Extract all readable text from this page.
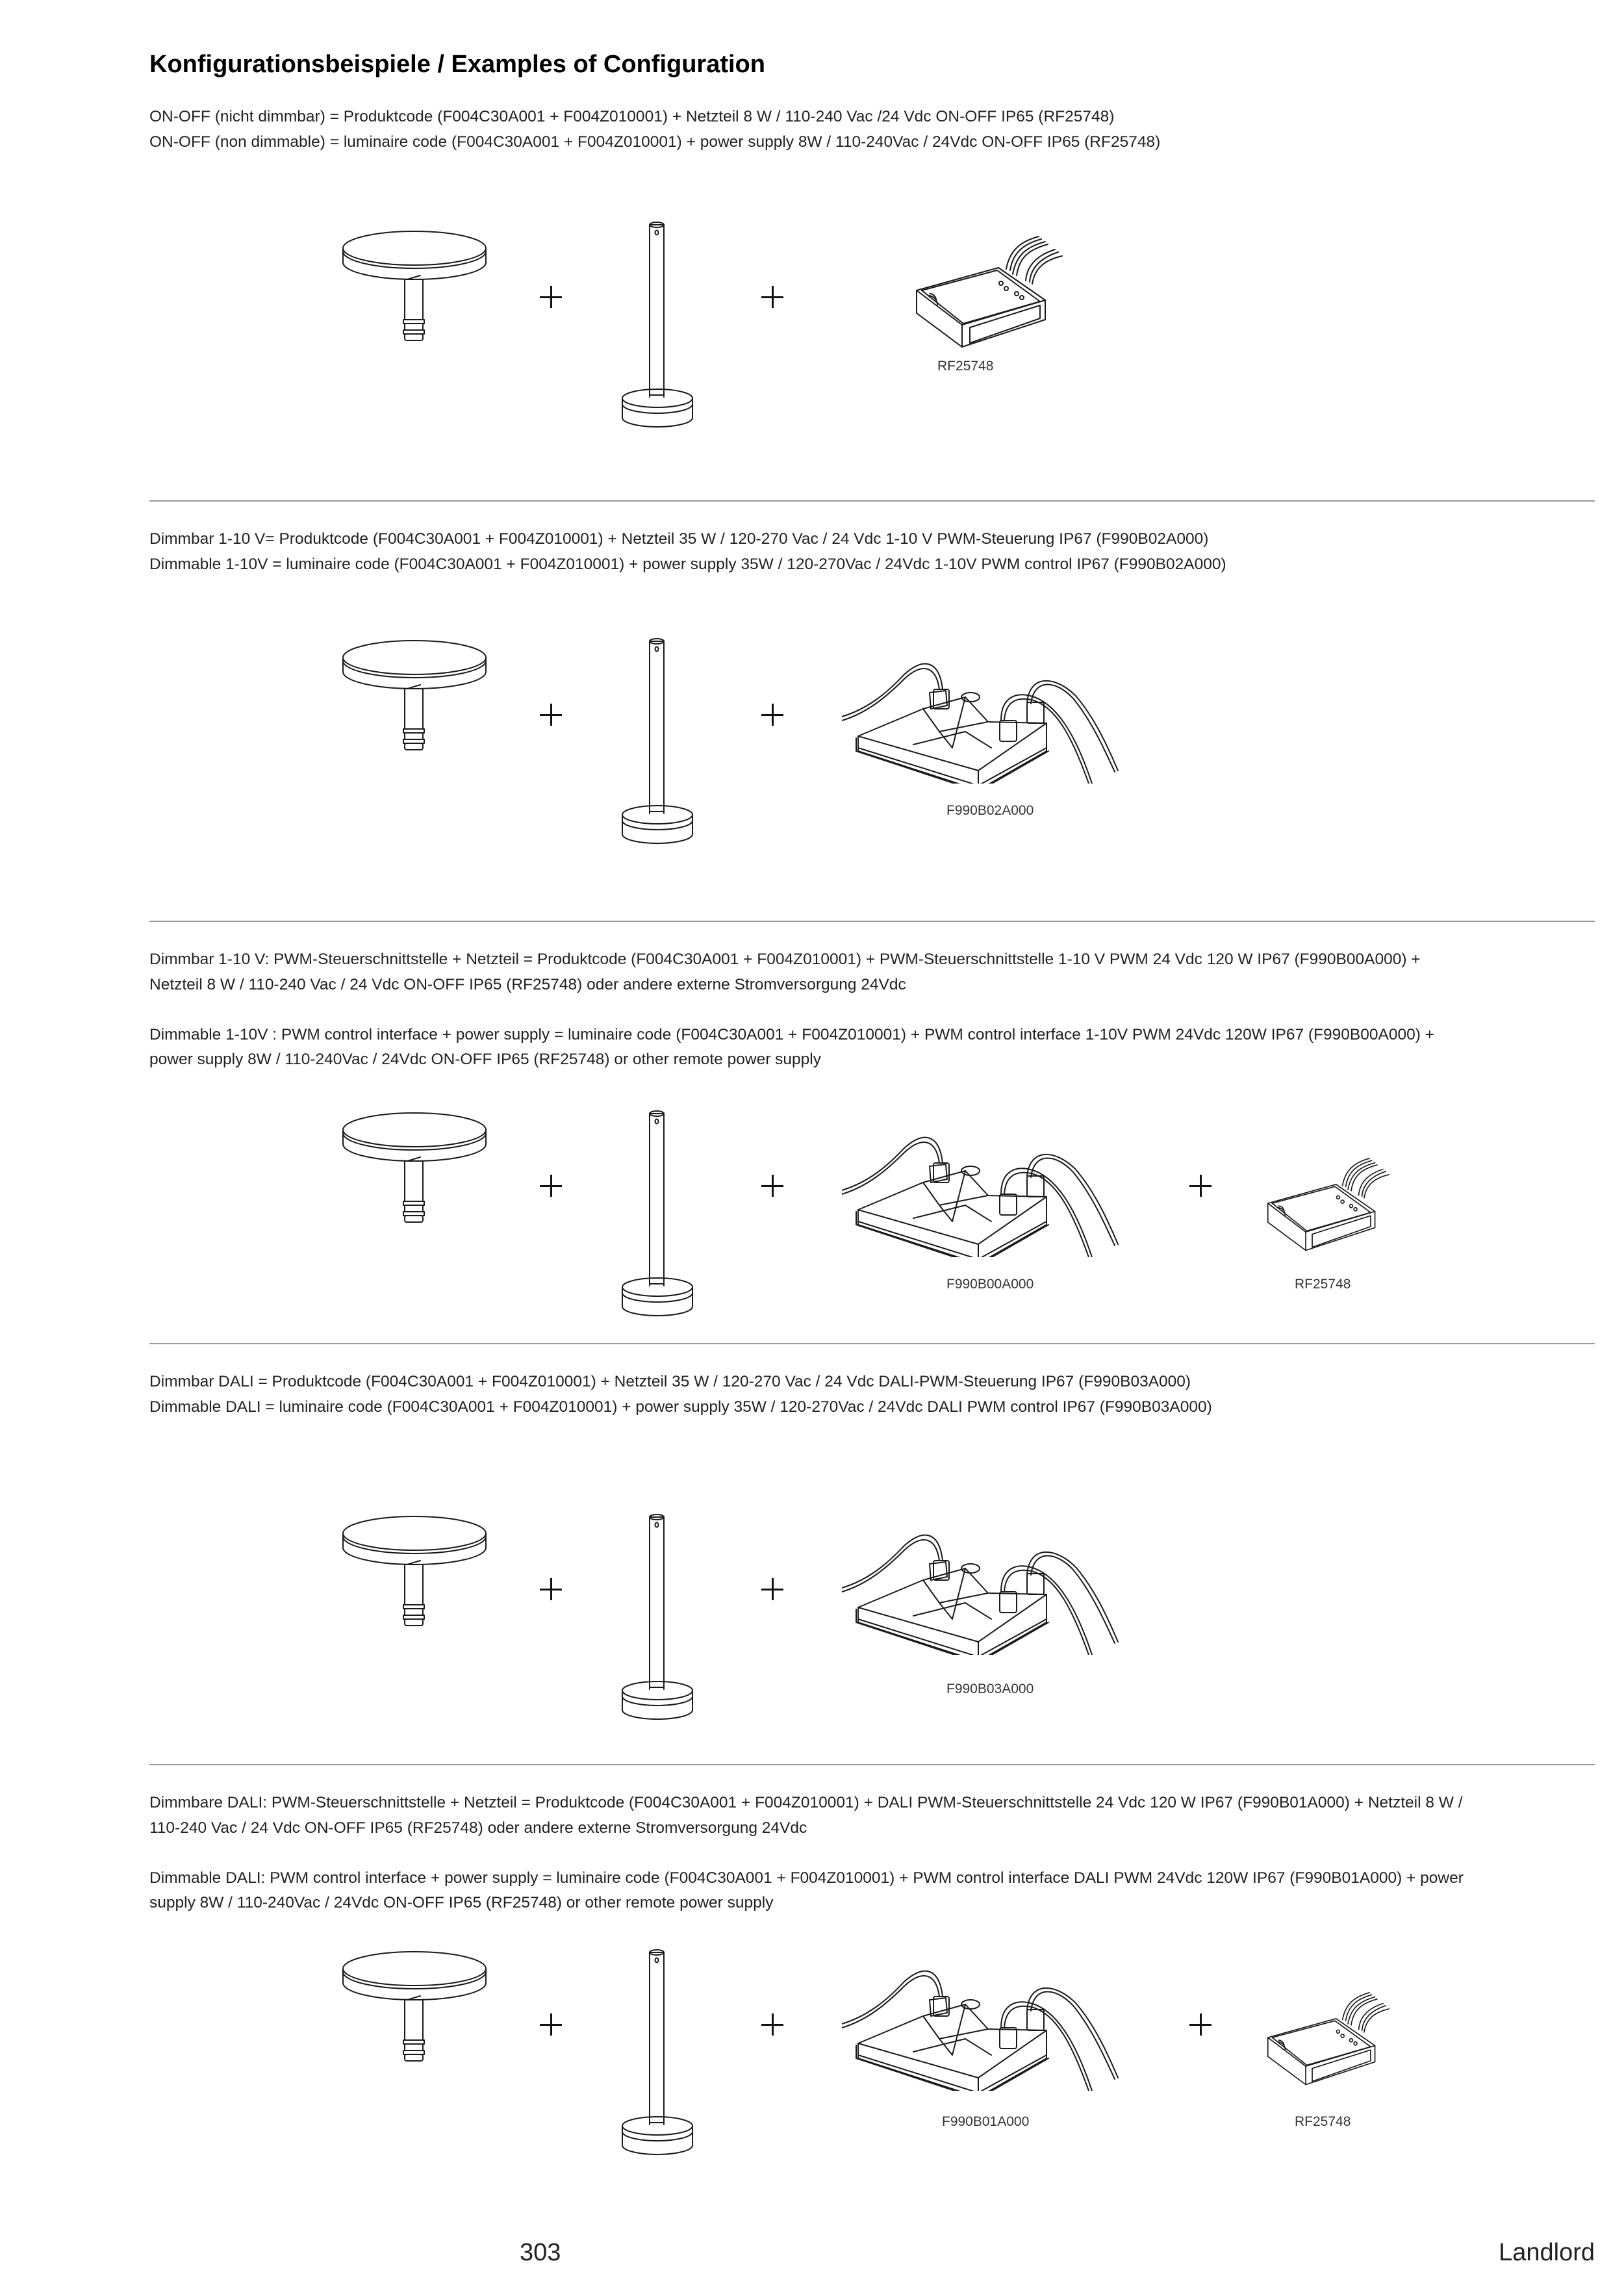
Konfigurationsbeispiele / Examples of Configuration

ON-OFF (nicht dimmbar) = Produktcode (F004C30A001 + F004Z010001) + Netzteil 8 W / 110-240 Vac /24 Vdc ON-OFF IP65 (RF25748)
ON-OFF (non dimmable) = luminaire code (F004C30A001 + F004Z010001) + power supply 8W / 110-240Vac / 24Vdc ON-OFF IP65 (RF25748)

RF25748

Dimmbar 1-10 V= Produktcode (F004C30A001 + F004Z010001) + Netzteil 35 W / 120-270 Vac / 24 Vdc 1-10 V PWM-Steuerung IP67 (F990B02A000)
Dimmable 1-10V = luminaire code (F004C30A001 + F004Z010001) + power supply 35W / 120-270Vac / 24Vdc 1-10V PWM control IP67 (F990B02A000)

F990B02A000

Dimmbar 1-10 V: PWM-Steuerschnittstelle + Netzteil = Produktcode (F004C30A001 + F004Z010001) + PWM-Steuerschnittstelle 1-10 V PWM 24 Vdc 120 W IP67 (F990B00A000) +
Netzteil 8 W / 110-240 Vac / 24 Vdc ON-OFF IP65 (RF25748) oder andere externe Stromversorgung 24Vdc

Dimmable 1-10V : PWM control interface + power supply = luminaire code (F004C30A001 + F004Z010001) + PWM control interface 1-10V PWM 24Vdc 120W IP67 (F990B00A000) +
power supply 8W / 110-240Vac / 24Vdc ON-OFF IP65 (RF25748) or other remote power supply

F990B00A000	RF25748

Dimmbar DALI = Produktcode (F004C30A001 + F004Z010001) + Netzteil 35 W / 120-270 Vac / 24 Vdc DALI-PWM-Steuerung IP67 (F990B03A000)
Dimmable DALI = luminaire code (F004C30A001 + F004Z010001) + power supply 35W / 120-270Vac / 24Vdc DALI PWM control IP67 (F990B03A000)

F990B03A000

Dimmbare DALI: PWM-Steuerschnittstelle + Netzteil = Produktcode (F004C30A001 + F004Z010001) + DALI PWM-Steuerschnittstelle 24 Vdc 120 W IP67 (F990B01A000) + Netzteil 8 W /
110-240 Vac / 24 Vdc ON-OFF IP65 (RF25748) oder andere externe Stromversorgung 24Vdc

Dimmable DALI: PWM control interface + power supply = luminaire code (F004C30A001 + F004Z010001) + PWM control interface DALI PWM 24Vdc 120W IP67 (F990B01A000) + power
supply 8W / 110-240Vac / 24Vdc ON-OFF IP65 (RF25748) or other remote power supply

F990B01A000	RF25748
303	Landlord
